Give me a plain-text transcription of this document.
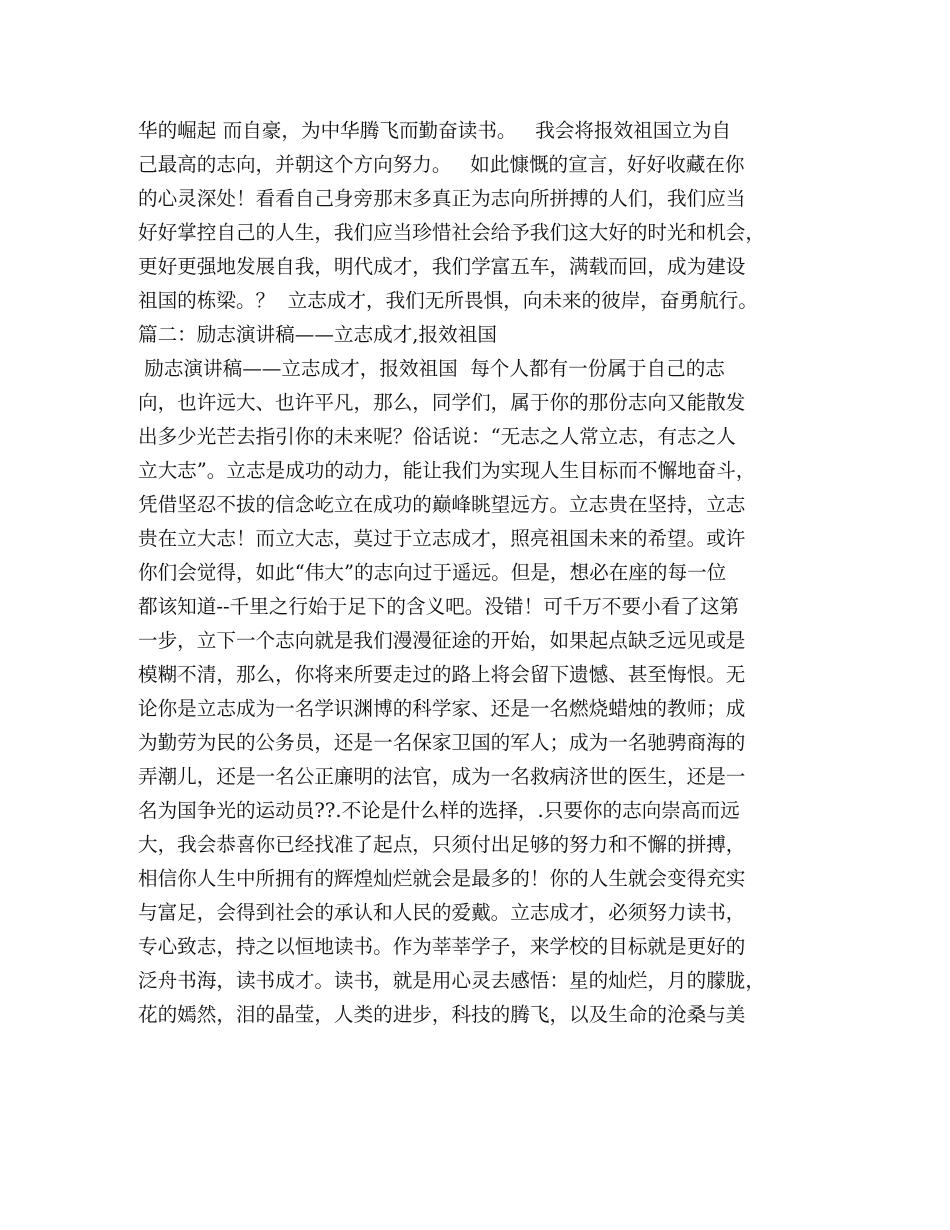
华的崛起 而自豪，为中华腾飞而勤奋读书。   我会将报效祖国立为自
己最高的志向，并朝这个方向努力。   如此慷慨的宣言，好好收藏在你
的心灵深处！看看自己身旁那末多真正为志向所拼搏的人们，我们应当
好好掌控自己的人生，我们应当珍惜社会给予我们这大好的时光和机会，
更好更强地发展自我，明代成才，我们学富五车，满载而回，成为建设
祖国的栋梁。？  立志成才，我们无所畏惧，向未来的彼岸，奋勇航行。
篇二：励志演讲稿——立志成才,报效祖国
励志演讲稿——立志成才，报效祖国  每个人都有一份属于自己的志
向，也许远大、也许平凡，那么，同学们，属于你的那份志向又能散发
出多少光芒去指引你的未来呢？俗话说：“无志之人常立志，有志之人
立大志”。立志是成功的动力，能让我们为实现人生目标而不懈地奋斗，
凭借坚忍不拔的信念屹立在成功的巅峰眺望远方。立志贵在坚持，立志
贵在立大志！而立大志，莫过于立志成才，照亮祖国未来的希望。或许
你们会觉得，如此“伟大”的志向过于遥远。但是，想必在座的每一位
都该知道--千里之行始于足下的含义吧。没错！可千万不要小看了这第
一步，立下一个志向就是我们漫漫征途的开始，如果起点缺乏远见或是
模糊不清，那么，你将来所要走过的路上将会留下遗憾、甚至悔恨。无
论你是立志成为一名学识渊博的科学家、还是一名燃烧蜡烛的教师；成
为勤劳为民的公务员，还是一名保家卫国的军人；成为一名驰骋商海的
弄潮儿，还是一名公正廉明的法官，成为一名救病济世的医生，还是一
名为国争光的运动员??.不论是什么样的选择，.只要你的志向崇高而远
大，我会恭喜你已经找准了起点，只须付出足够的努力和不懈的拼搏，
相信你人生中所拥有的辉煌灿烂就会是最多的！你的人生就会变得充实
与富足，会得到社会的承认和人民的爱戴。立志成才，必须努力读书，
专心致志，持之以恒地读书。作为莘莘学子，来学校的目标就是更好的
泛舟书海，读书成才。读书，就是用心灵去感悟：星的灿烂，月的朦胧，
花的嫣然，泪的晶莹，人类的进步，科技的腾飞，以及生命的沧桑与美
